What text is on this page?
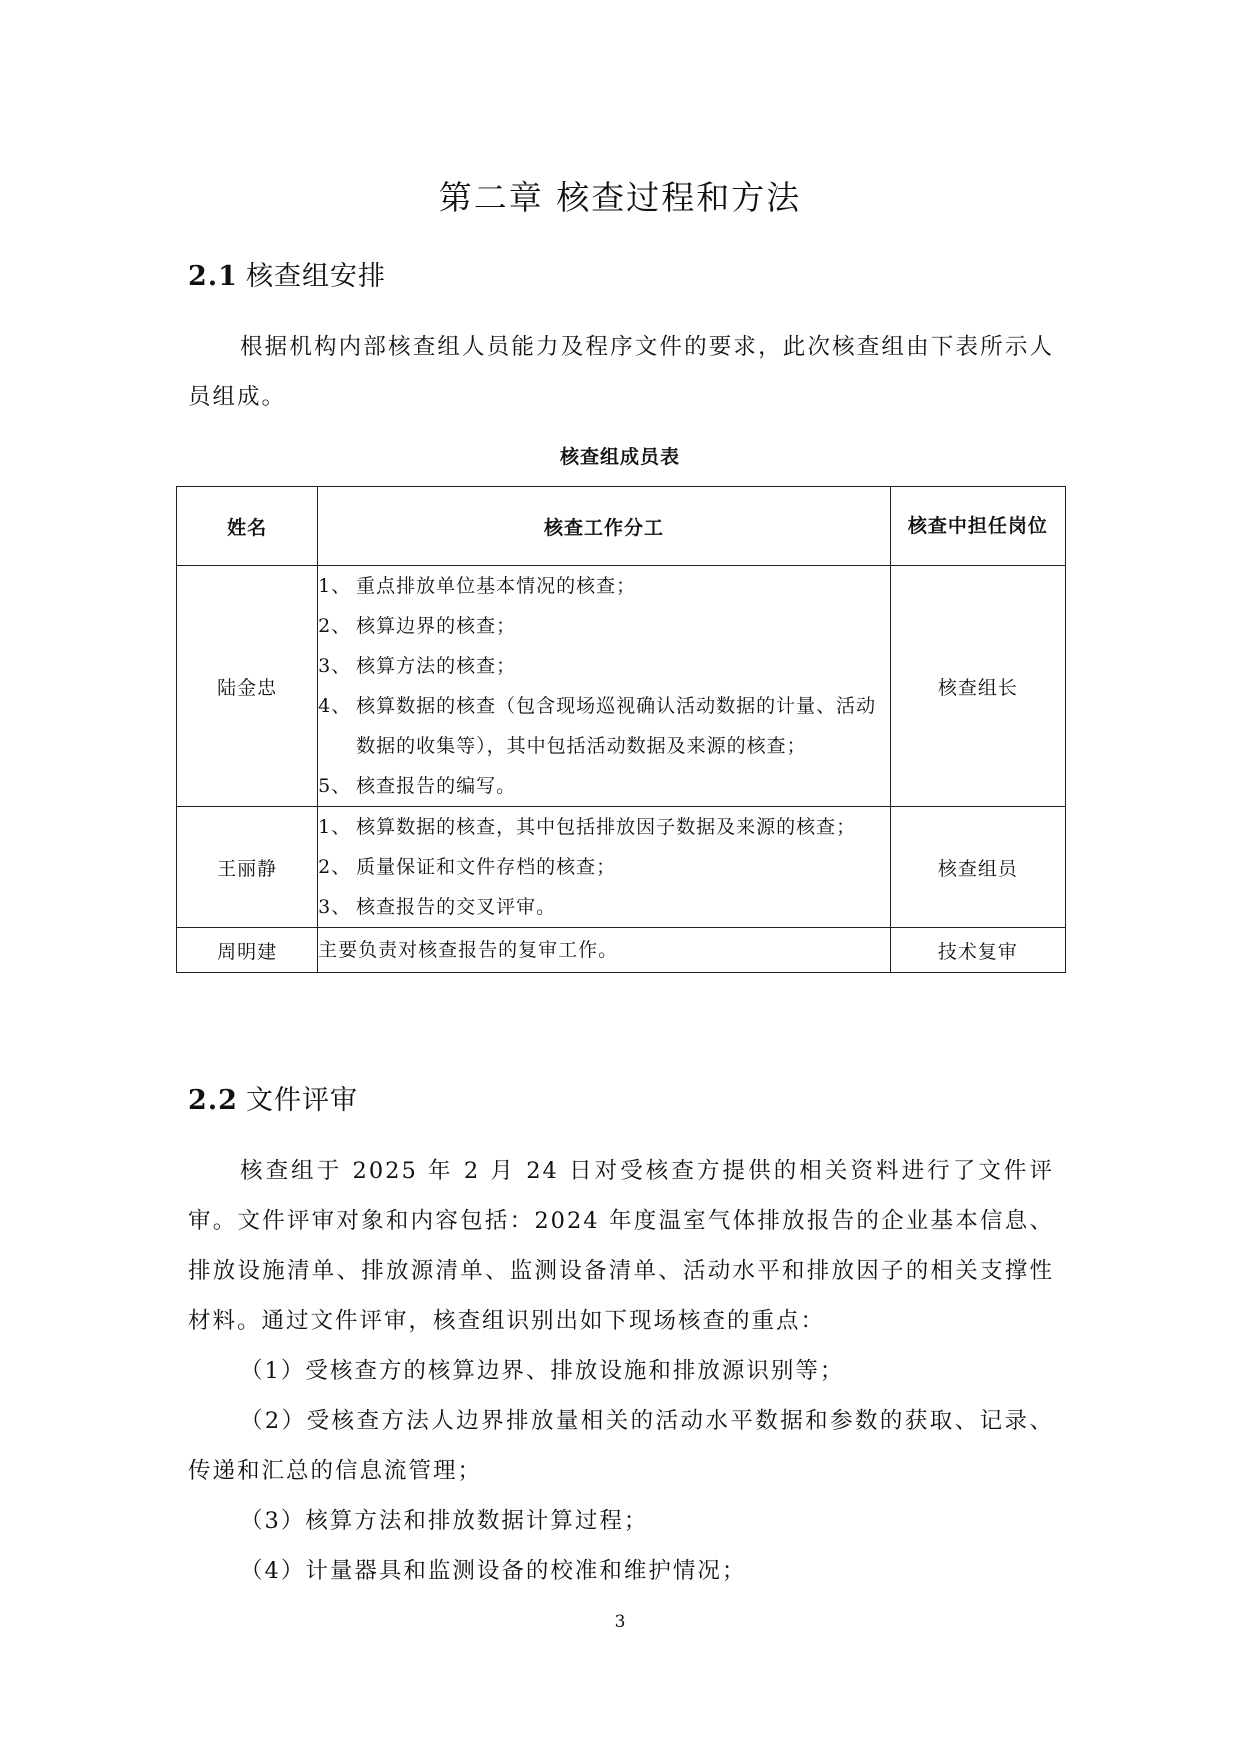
第二章 核查过程和方法
2.1 核查组安排
根据机构内部核查组人员能力及程序文件的要求，此次核查组由下表所示人员组成。
核查组成员表
姓名	核查工作分工	核查中担任岗位

陆金忠	1、 重点排放单位基本情况的核查；
2、 核算边界的核查；
3、 核算方法的核查；
4、 核算数据的核查（包含现场巡视确认活动数据的计量、活动数据的收集等），其中包括活动数据及来源的核查；
5、 核查报告的编写。	核查组长
王丽静	1、 核算数据的核查，其中包括排放因子数据及来源的核查；
2、 质量保证和文件存档的核查；
3、 核查报告的交叉评审。	核查组员
周明建	主要负责对核查报告的复审工作。	技术复审
2.2 文件评审
核查组于 2025 年 2 月 24 日对受核查方提供的相关资料进行了文件评审。文件评审对象和内容包括：2024 年度温室气体排放报告的企业基本信息、排放设施清单、排放源清单、监测设备清单、活动水平和排放因子的相关支撑性材料。通过文件评审，核查组识别出如下现场核查的重点：
（1）受核查方的核算边界、排放设施和排放源识别等；
（2）受核查方法人边界排放量相关的活动水平数据和参数的获取、记录、传递和汇总的信息流管理；
（3）核算方法和排放数据计算过程；
（4）计量器具和监测设备的校准和维护情况；
3
